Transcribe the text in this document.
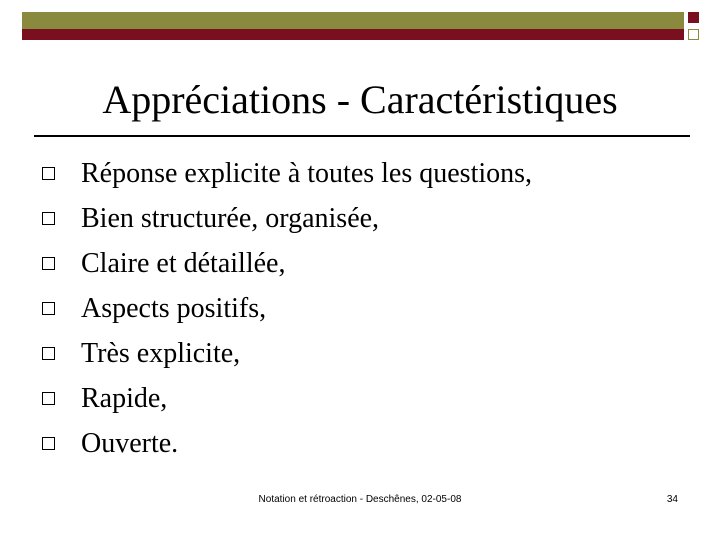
Appréciations - Caractéristiques
Réponse explicite à toutes les questions,
Bien structurée, organisée,
Claire et détaillée,
Aspects positifs,
Très explicite,
Rapide,
Ouverte.
Notation et rétroaction - Deschênes, 02-05-08	34
